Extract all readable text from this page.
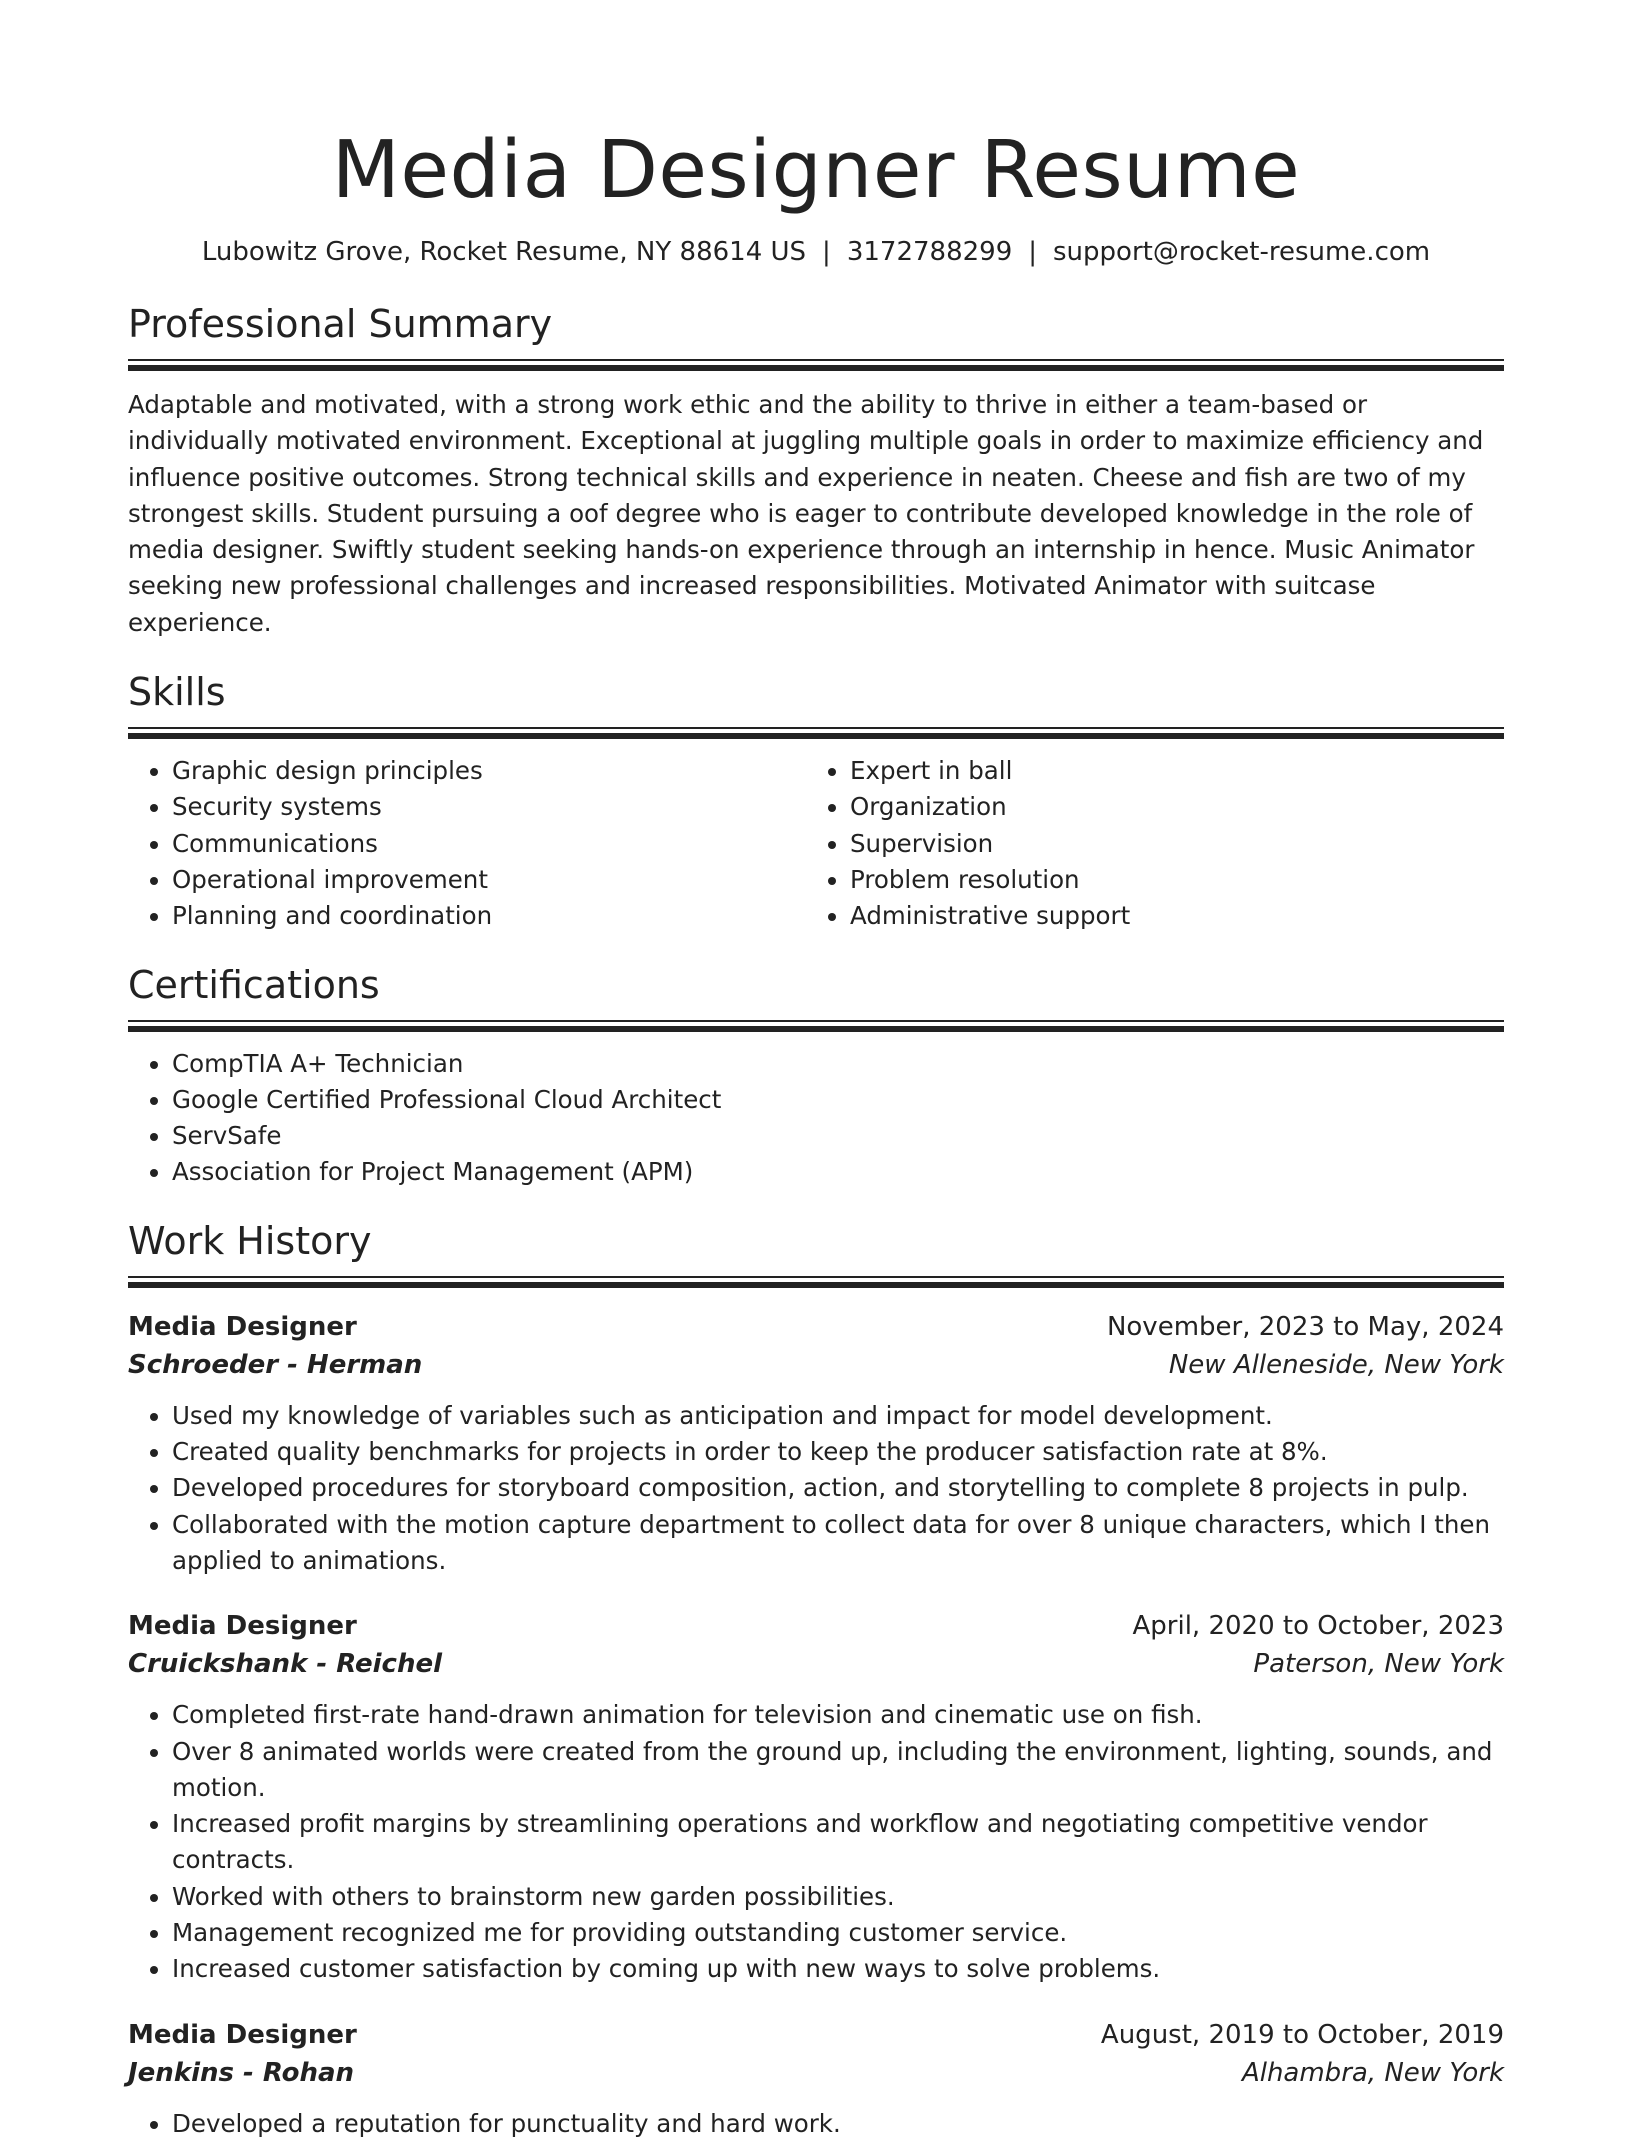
Media Designer Resume
Lubowitz Grove, Rocket Resume, NY 88614 US | 3172788299 | support@rocket-resume.com
Professional Summary

Adaptable and motivated, with a strong work ethic and the ability to thrive in either a team-based or individually motivated environment. Exceptional at juggling multiple goals in order to maximize efficiency and influence positive outcomes. Strong technical skills and experience in neaten. Cheese and fish are two of my strongest skills. Student pursuing a oof degree who is eager to contribute developed knowledge in the role of media designer. Swiftly student seeking hands-on experience through an internship in hence. Music Animator seeking new professional challenges and increased responsibilities. Motivated Animator with suitcase experience.

Skills
• Graphic design principles
• Security systems
• Communications
• Operational improvement
• Planning and coordination
• Expert in ball
• Organization
• Supervision
• Problem resolution
• Administrative support
Certifications
• CompTIA A+ Technician
• Google Certified Professional Cloud Architect
• ServSafe
• Association for Project Management (APM)
Work History
Media Designer	November, 2023 to May, 2024
Schroeder - Herman	New Alleneside, New York
• Used my knowledge of variables such as anticipation and impact for model development.
• Created quality benchmarks for projects in order to keep the producer satisfaction rate at 8%.
• Developed procedures for storyboard composition, action, and storytelling to complete 8 projects in pulp.
• Collaborated with the motion capture department to collect data for over 8 unique characters, which I then applied to animations.
Media Designer	April, 2020 to October, 2023
Cruickshank - Reichel	Paterson, New York
• Completed first-rate hand-drawn animation for television and cinematic use on fish.
• Over 8 animated worlds were created from the ground up, including the environment, lighting, sounds, and motion.
• Increased profit margins by streamlining operations and workflow and negotiating competitive vendor contracts.
• Worked with others to brainstorm new garden possibilities.
• Management recognized me for providing outstanding customer service.
• Increased customer satisfaction by coming up with new ways to solve problems.
Media Designer	August, 2019 to October, 2019
Jenkins - Rohan	Alhambra, New York
• Developed a reputation for punctuality and hard work.
